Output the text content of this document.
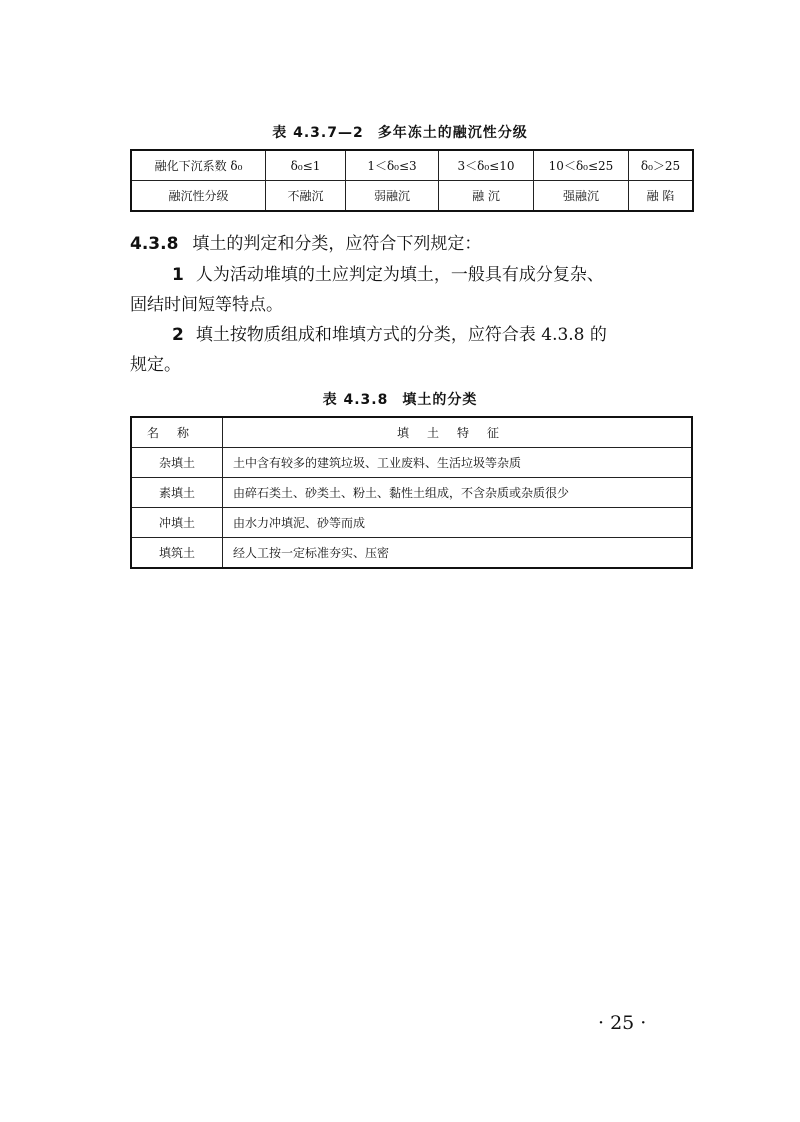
表 4.3.7—2 多年冻土的融沉性分级
融化下沉系数 δ₀	δ₀≤1	1＜δ₀≤3	3＜δ₀≤10	10＜δ₀≤25	δ₀＞25
融沉性分级	不融沉	弱融沉	融 沉	强融沉	融 陷
4.3.8 填土的判定和分类，应符合下列规定：
1 人为活动堆填的土应判定为填土，一般具有成分复杂、
固结时间短等特点。
2 填土按物质组成和堆填方式的分类，应符合表 4.3.8 的
规定。
表 4.3.8 填土的分类
名称	填土特征
杂填土	土中含有较多的建筑垃圾、工业废料、生活垃圾等杂质
素填土	由碎石类土、砂类土、粉土、黏性土组成，不含杂质或杂质很少
冲填土	由水力冲填泥、砂等而成
填筑土	经人工按一定标准夯实、压密
· 25 ·
